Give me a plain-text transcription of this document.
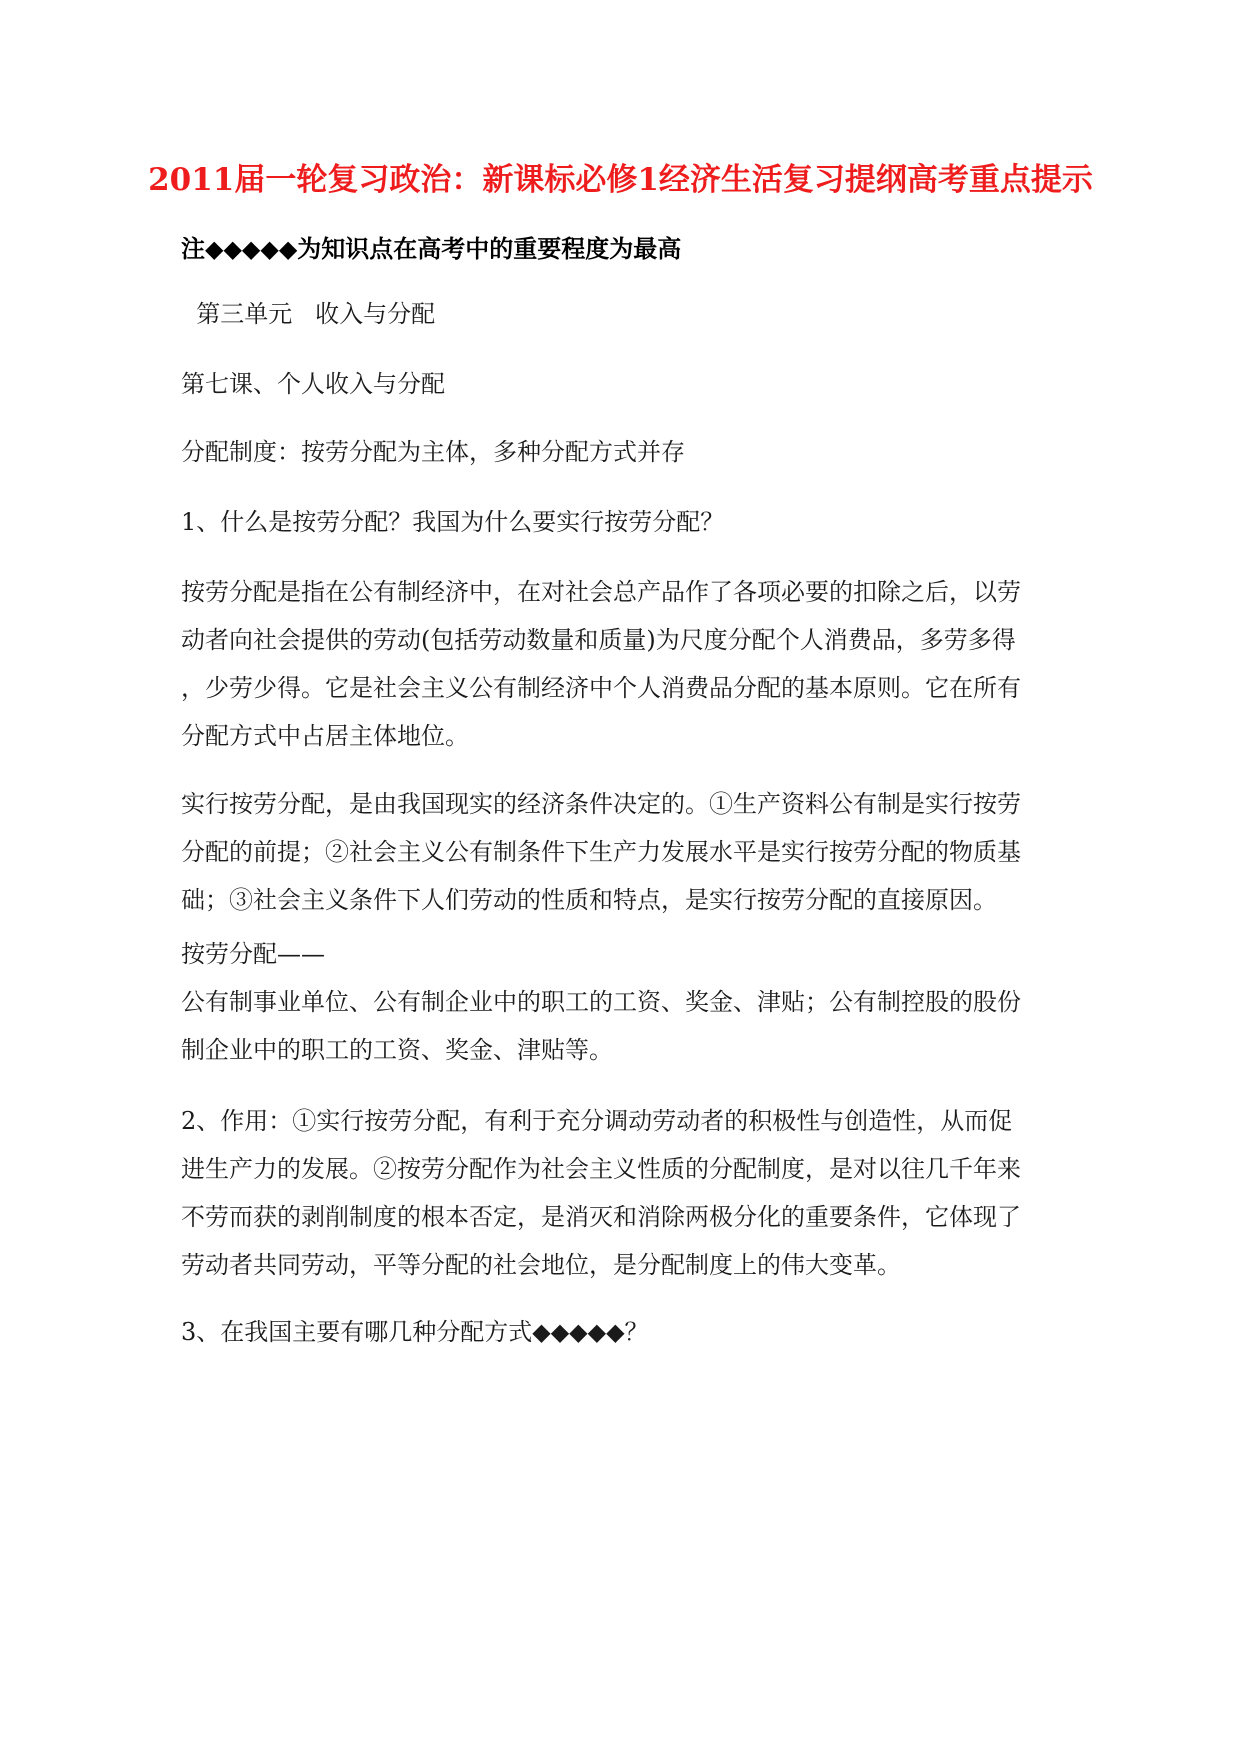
2011届一轮复习政治：新课标必修1经济生活复习提纲高考重点提示
注◆◆◆◆◆为知识点在高考中的重要程度为最高
第三单元   收入与分配
第七课、个人收入与分配
分配制度：按劳分配为主体，多种分配方式并存
1、什么是按劳分配？我国为什么要实行按劳分配？
按劳分配是指在公有制经济中，在对社会总产品作了各项必要的扣除之后，以劳
动者向社会提供的劳动(包括劳动数量和质量)为尺度分配个人消费品，多劳多得
，少劳少得。它是社会主义公有制经济中个人消费品分配的基本原则。它在所有
分配方式中占居主体地位。
实行按劳分配，是由我国现实的经济条件决定的。①生产资料公有制是实行按劳
分配的前提；②社会主义公有制条件下生产力发展水平是实行按劳分配的物质基
础；③社会主义条件下人们劳动的性质和特点，是实行按劳分配的直接原因。
按劳分配——
公有制事业单位、公有制企业中的职工的工资、奖金、津贴；公有制控股的股份
制企业中的职工的工资、奖金、津贴等。
2、作用：①实行按劳分配，有利于充分调动劳动者的积极性与创造性，从而促
进生产力的发展。②按劳分配作为社会主义性质的分配制度，是对以往几千年来
不劳而获的剥削制度的根本否定，是消灭和消除两极分化的重要条件，它体现了
劳动者共同劳动，平等分配的社会地位，是分配制度上的伟大变革。
3、在我国主要有哪几种分配方式◆◆◆◆◆？
